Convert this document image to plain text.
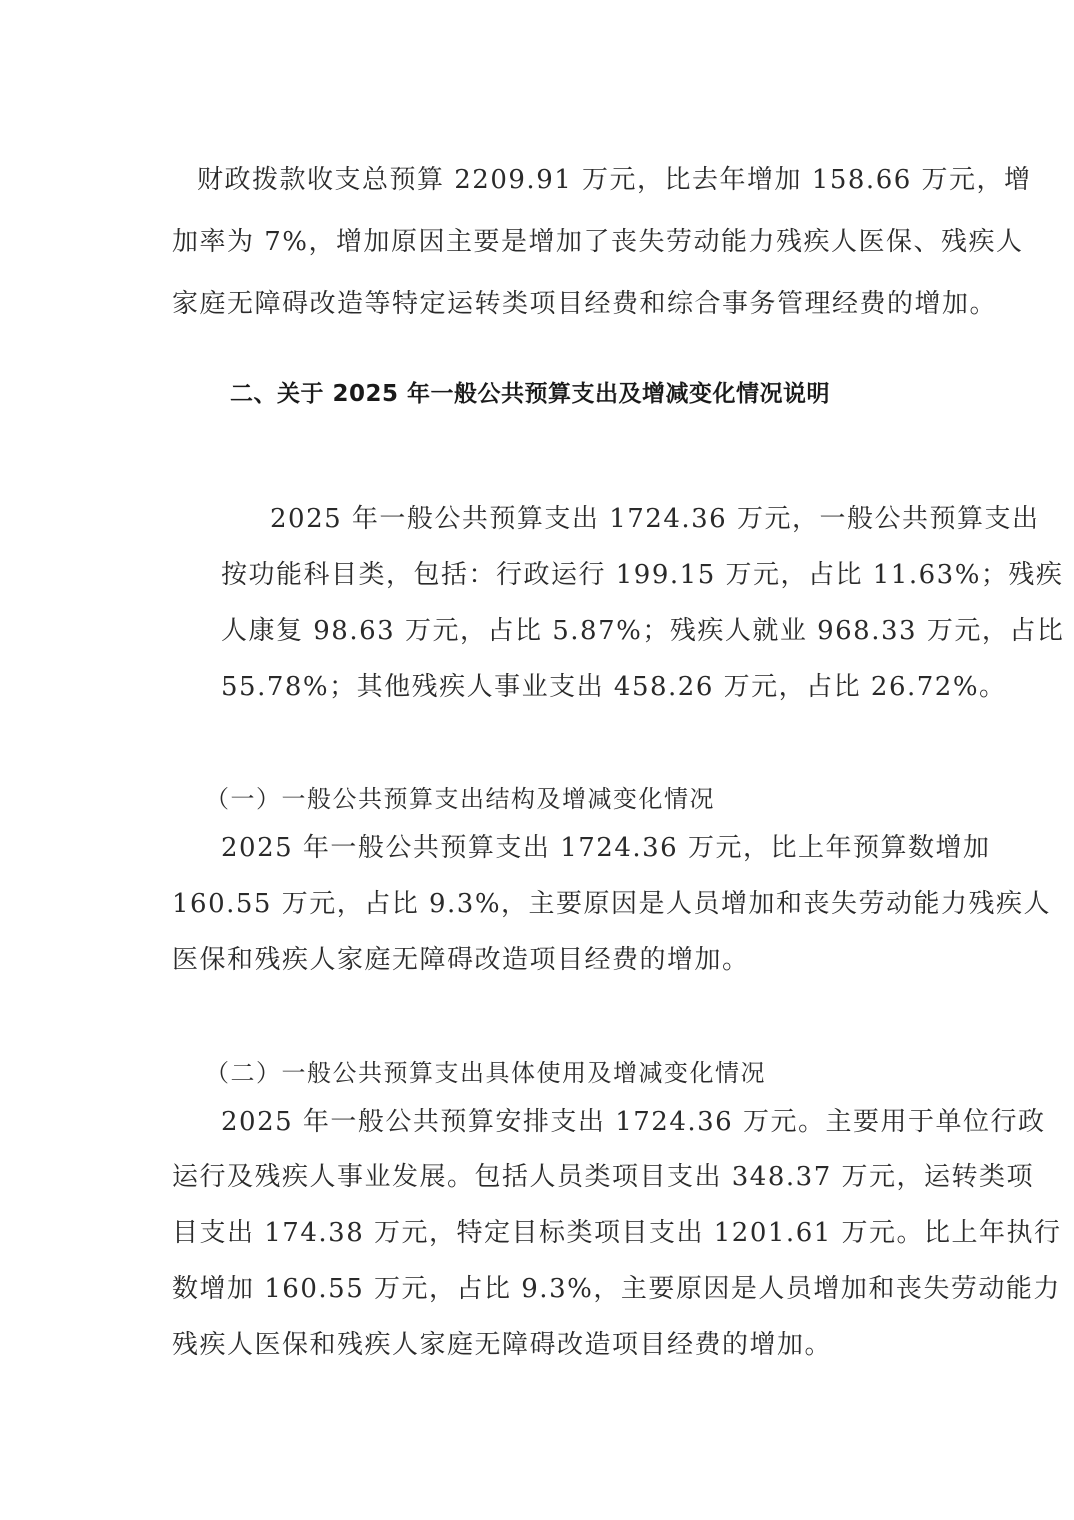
财政拨款收支总预算 2209.91 万元，比去年增加 158.66 万元，增
加率为 7%，增加原因主要是增加了丧失劳动能力残疾人医保、残疾人
家庭无障碍改造等特定运转类项目经费和综合事务管理经费的增加。
二、关于 2025 年一般公共预算支出及增减变化情况说明
2025 年一般公共预算支出 1724.36 万元，一般公共预算支出
按功能科目类，包括：行政运行 199.15 万元，占比 11.63%；残疾
人康复 98.63 万元，占比 5.87%；残疾人就业 968.33 万元，占比
55.78%；其他残疾人事业支出 458.26 万元，占比 26.72%。
（一）一般公共预算支出结构及增减变化情况
2025 年一般公共预算支出 1724.36 万元，比上年预算数增加
160.55 万元，占比 9.3%，主要原因是人员增加和丧失劳动能力残疾人
医保和残疾人家庭无障碍改造项目经费的增加。
（二）一般公共预算支出具体使用及增减变化情况
2025 年一般公共预算安排支出 1724.36 万元。主要用于单位行政
运行及残疾人事业发展。包括人员类项目支出 348.37 万元，运转类项
目支出 174.38 万元，特定目标类项目支出 1201.61 万元。比上年执行
数增加 160.55 万元，占比 9.3%，主要原因是人员增加和丧失劳动能力
残疾人医保和残疾人家庭无障碍改造项目经费的增加。
